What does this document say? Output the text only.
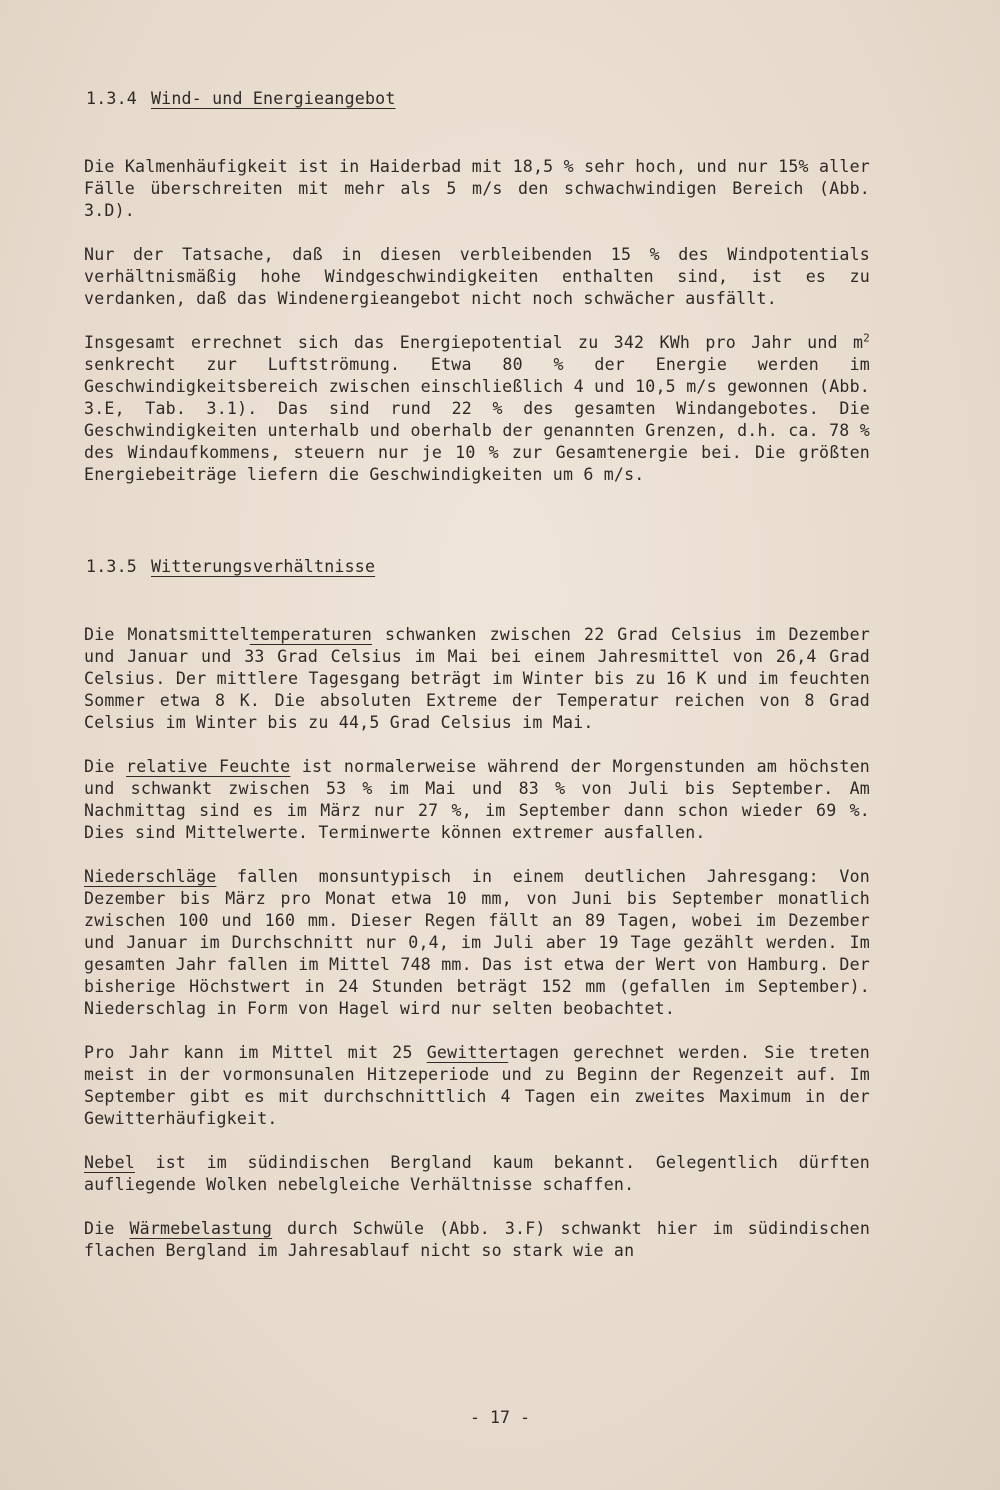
1.3.4 Wind- und Energieangebot

Die Kalmenhäufigkeit ist in Haiderbad mit 18,5 % sehr hoch, und nur 15% aller Fälle überschreiten mit mehr als 5 m/s den schwachwindigen Bereich (Abb. 3.D).

Nur der Tatsache, daß in diesen verbleibenden 15 % des Windpotentials verhältnismäßig hohe Windgeschwindigkeiten enthalten sind, ist es zu verdanken, daß das Windenergieangebot nicht noch schwächer ausfällt.

Insgesamt errechnet sich das Energiepotential zu 342 KWh pro Jahr und $m^2$ senkrecht zur Luftströmung. Etwa 80 % der Energie werden im Geschwindigkeitsbereich zwischen einschließlich 4 und 10,5 m/s gewonnen (Abb. 3.E, Tab. 3.1). Das sind rund 22 % des gesamten Windangebotes. Die Geschwindigkeiten unterhalb und oberhalb der genannten Grenzen, d.h. ca. 78 % des Windaufkommens, steuern nur je 10 % zur Gesamtenergie bei. Die größten Energiebeiträge liefern die Geschwindigkeiten um 6 m/s.

1.3.5 Witterungsverhältnisse

Die Monatsmitteltemperaturen schwanken zwischen 22 Grad Celsius im Dezember und Januar und 33 Grad Celsius im Mai bei einem Jahresmittel von 26,4 Grad Celsius. Der mittlere Tagesgang beträgt im Winter bis zu 16 K und im feuchten Sommer etwa 8 K. Die absoluten Extreme der Temperatur reichen von 8 Grad Celsius im Winter bis zu 44,5 Grad Celsius im Mai.

Die relative Feuchte ist normalerweise während der Morgenstunden am höchsten und schwankt zwischen 53 % im Mai und 83 % von Juli bis September. Am Nachmittag sind es im März nur 27 %, im September dann schon wieder 69 %. Dies sind Mittelwerte. Terminwerte können extremer ausfallen.

Niederschläge fallen monsuntypisch in einem deutlichen Jahresgang: Von Dezember bis März pro Monat etwa 10 mm, von Juni bis September monatlich zwischen 100 und 160 mm. Dieser Regen fällt an 89 Tagen, wobei im Dezember und Januar im Durchschnitt nur 0,4, im Juli aber 19 Tage gezählt werden. Im gesamten Jahr fallen im Mittel 748 mm. Das ist etwa der Wert von Hamburg. Der bisherige Höchstwert in 24 Stunden beträgt 152 mm (gefallen im September). Niederschlag in Form von Hagel wird nur selten beobachtet.

Pro Jahr kann im Mittel mit 25 Gewittertagen gerechnet werden. Sie treten meist in der vormonsunalen Hitzeperiode und zu Beginn der Regenzeit auf. Im September gibt es mit durchschnittlich 4 Tagen ein zweites Maximum in der Gewitterhäufigkeit.

Nebel ist im südindischen Bergland kaum bekannt. Gelegentlich dürften aufliegende Wolken nebelgleiche Verhältnisse schaffen.

Die Wärmebelastung durch Schwüle (Abb. 3.F) schwankt hier im südindischen flachen Bergland im Jahresablauf nicht so stark wie an

- 17 -
